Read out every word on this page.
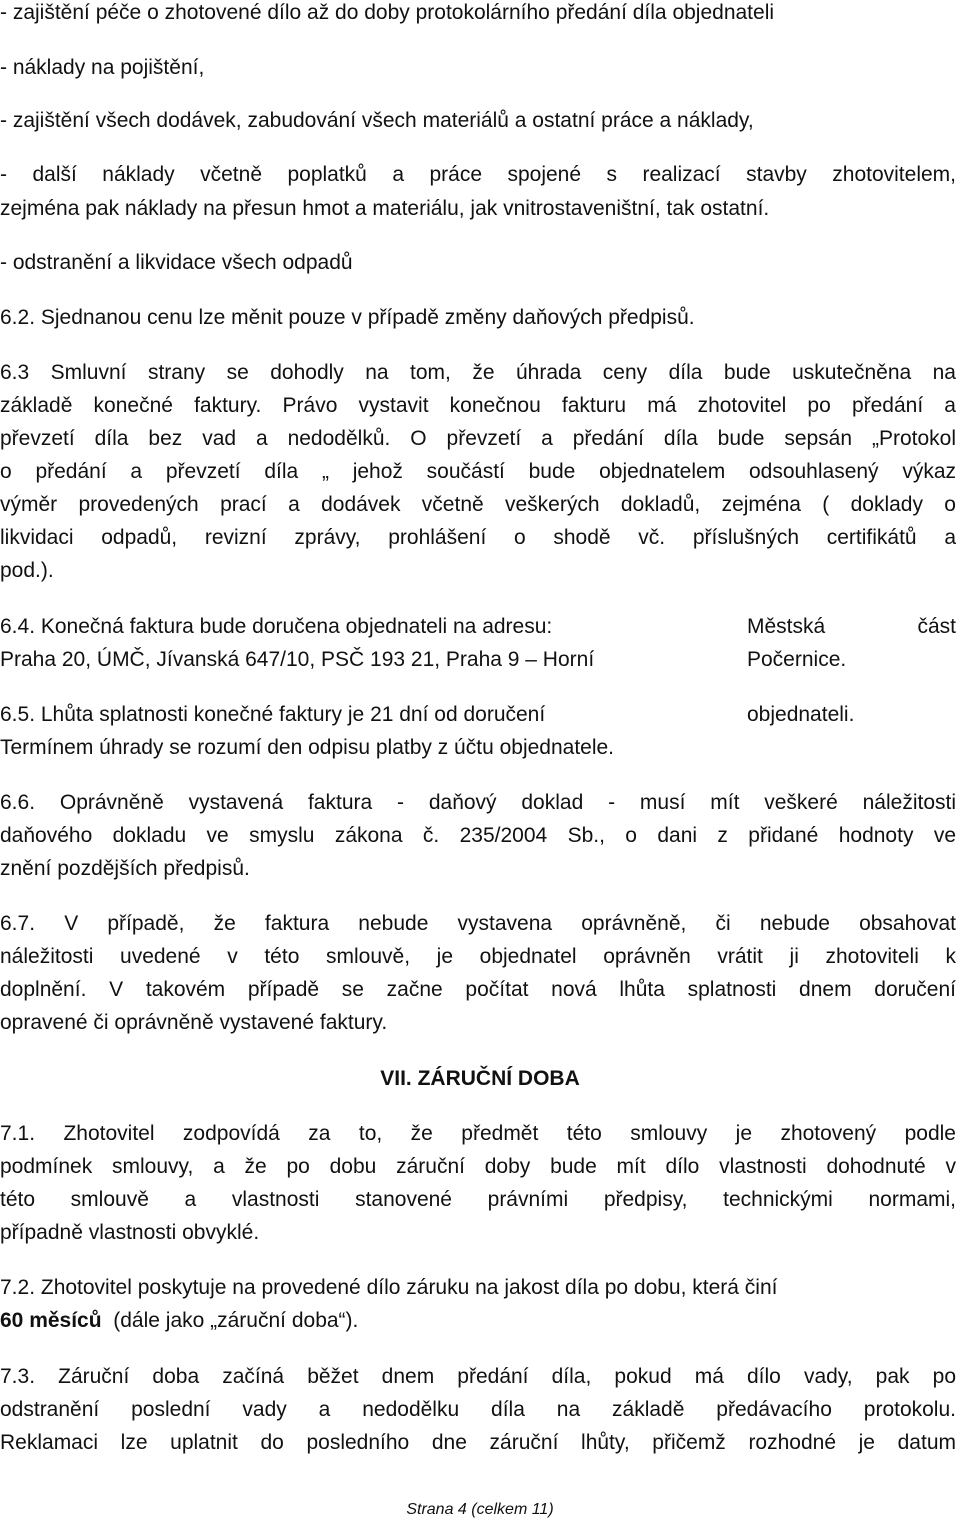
- zajištění péče o zhotovené dílo až do doby protokolárního předání díla objednateli
- náklady na pojištění,
- zajištění všech dodávek, zabudování všech materiálů a ostatní práce a náklady,
- další náklady včetně poplatků a práce spojené s realizací stavby zhotovitelem,
zejména pak náklady na přesun hmot a materiálu, jak vnitrostaveništní, tak ostatní.
- odstranění a likvidace všech odpadů
6.2. Sjednanou cenu lze měnit pouze v případě změny daňových předpisů.
6.3 Smluvní strany se dohodly na tom, že úhrada ceny díla bude uskutečněna na
základě konečné faktury. Právo vystavit konečnou fakturu má zhotovitel po předání a
převzetí díla bez vad a nedodělků. O převzetí a předání díla bude sepsán „Protokol
o předání a převzetí díla „ jehož součástí bude objednatelem odsouhlasený výkaz
výměr provedených prací a dodávek včetně veškerých dokladů, zejména ( doklady o
likvidaci odpadů, revizní zprávy, prohlášení o shodě vč. příslušných certifikátů a
pod.).
6.4. Konečná faktura bude doručena objednateli na adresu:	Městská	část
Praha 20, ÚMČ, Jívanská 647/10, PSČ 193 21, Praha 9 – Horní	Počernice.
6.5. Lhůta splatnosti konečné faktury je 21 dní od doručení	objednateli.
Termínem úhrady se rozumí den odpisu platby z účtu objednatele.
6.6. Oprávněně vystavená faktura - daňový doklad - musí mít veškeré náležitosti
daňového dokladu ve smyslu zákona č. 235/2004 Sb., o dani z přidané hodnoty ve
znění pozdějších předpisů.
6.7. V případě, že faktura nebude vystavena oprávněně, či nebude obsahovat
náležitosti uvedené v této smlouvě, je objednatel oprávněn vrátit ji zhotoviteli k
doplnění. V takovém případě se začne počítat nová lhůta splatnosti dnem doručení
opravené či oprávněně vystavené faktury.
VII. ZÁRUČNÍ DOBA
7.1. Zhotovitel zodpovídá za to, že předmět této smlouvy je zhotovený podle
podmínek smlouvy, a že po dobu záruční doby bude mít dílo vlastnosti dohodnuté v
této smlouvě a vlastnosti stanovené právními předpisy, technickými normami,
případně vlastnosti obvyklé.
7.2. Zhotovitel poskytuje na provedené dílo záruku na jakost díla po dobu, která činí
60 měsíců  (dále jako „záruční doba“).
7.3. Záruční doba začíná běžet dnem předání díla, pokud má dílo vady, pak po
odstranění poslední vady a nedodělku díla na základě předávacího protokolu.
Reklamaci lze uplatnit do posledního dne záruční lhůty, přičemž rozhodné je datum
Strana 4 (celkem 11)
